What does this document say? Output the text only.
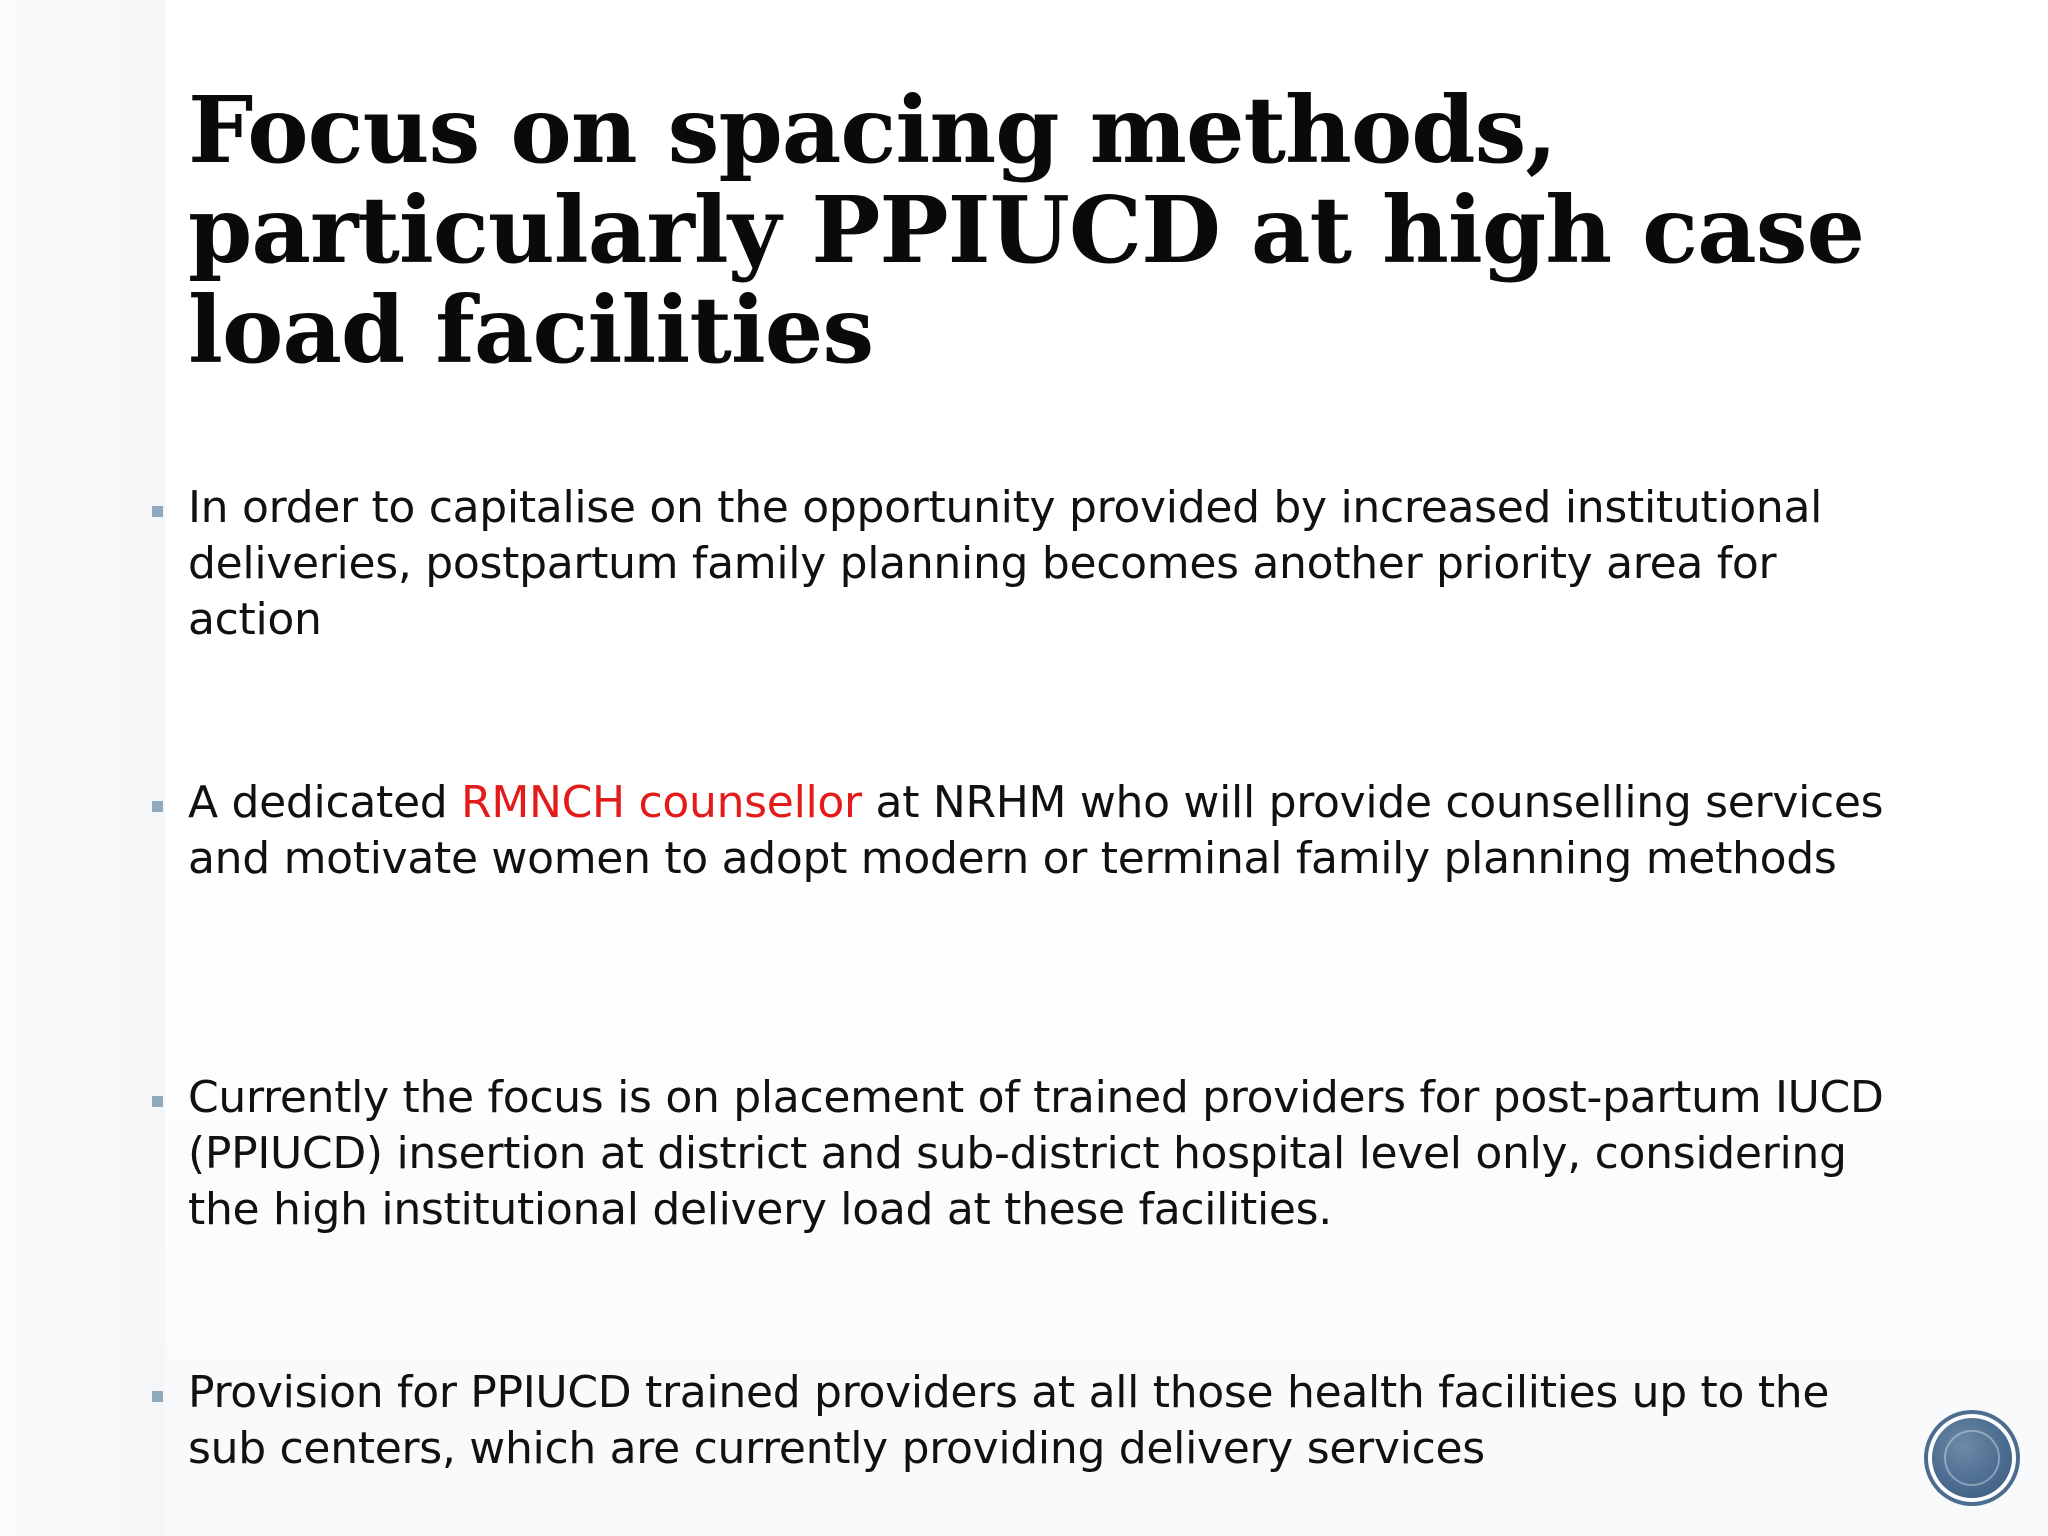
Focus on spacing methods, particularly PPIUCD at high case load facilities
In order to capitalise on the opportunity provided by increased institutional deliveries, postpartum family planning becomes another priority area for action
A dedicated RMNCH counsellor at NRHM who will provide counselling services and motivate women to adopt modern or terminal family planning methods
Currently the focus is on placement of trained providers for post-partum IUCD (PPIUCD) insertion at district and sub-district hospital level only, considering the high institutional delivery load at these facilities.
Provision for PPIUCD trained providers at all those health facilities up to the sub centers, which are currently providing delivery services
